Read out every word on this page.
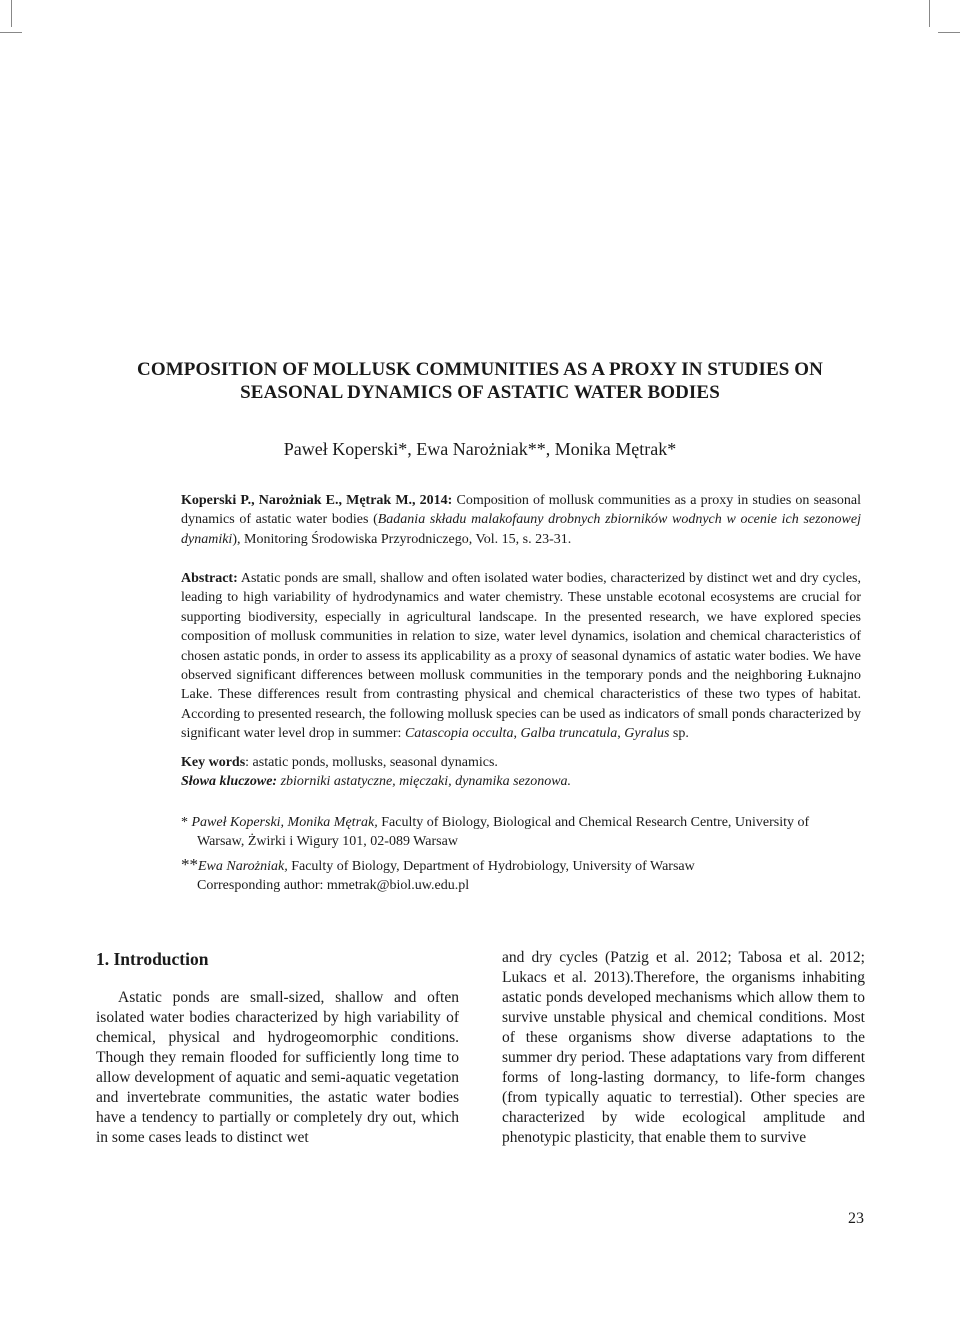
COMPOSITION OF MOLLUSK COMMUNITIES AS A PROXY IN STUDIES ON
SEASONAL DYNAMICS OF ASTATIC WATER BODIES
Paweł Koperski*, Ewa Narożniak**, Monika Mętrak*
Koperski P., Narożniak E., Mętrak M., 2014: Composition of mollusk communities as a proxy in studies on seasonal dynamics of astatic water bodies (Badania składu malakofauny drobnych zbiorników wodnych w ocenie ich sezonowej dynamiki), Monitoring Środowiska Przyrodniczego, Vol. 15, s. 23-31.
Abstract: Astatic ponds are small, shallow and often isolated water bodies, characterized by distinct wet and dry cycles, leading to high variability of hydrodynamics and water chemistry. These unstable ecotonal ecosystems are crucial for supporting biodiversity, especially in agricultural landscape. In the presented research, we have explored species composition of mollusk communities in relation to size, water level dynamics, isolation and chemical characteristics of chosen astatic ponds, in order to assess its applicability as a proxy of seasonal dynamics of astatic water bodies. We have observed significant differences between mollusk communities in the temporary ponds and the neighboring Łuknajno Lake. These differences result from contrasting physical and chemical characteristics of these two types of habitat. According to presented research, the following mollusk species can be used as indicators of small ponds characterized by significant water level drop in summer: Catascopia occulta, Galba truncatula, Gyralus sp.
Key words: astatic ponds, mollusks, seasonal dynamics.
Słowa kluczowe: zbiorniki astatyczne, mięczaki, dynamika sezonowa.

* Paweł Koperski, Monika Mętrak, Faculty of Biology, Biological and Chemical Research Centre, University of

Warsaw, Żwirki i Wigury 101, 02-089 Warsaw

**Ewa Narożniak, Faculty of Biology, Department of Hydrobiology, University of Warsaw

Corresponding author: mmetrak@biol.uw.edu.pl

1. Introduction

Astatic ponds are small-sized, shallow and often isolated water bodies characterized by high variability of chemical, physical and hydrogeomorphic conditions. Though they remain flooded for sufficiently long time to allow development of aquatic and semi-aquatic vegetation and invertebrate communities, the astatic water bodies have a tendency to partially or completely dry out, which in some cases leads to distinct wet

and dry cycles (Patzig et al. 2012; Tabosa et al. 2012; Lukacs et al. 2013).Therefore, the organisms inhabiting astatic ponds developed mechanisms which allow them to survive unstable physical and chemical conditions. Most of these organisms show diverse adaptations to the summer dry period. These adaptations vary from different forms of long-lasting dormancy, to life-form changes (from typically aquatic to terrestial). Other species are characterized by wide ecological amplitude and phenotypic plasticity, that enable them to survive

23
